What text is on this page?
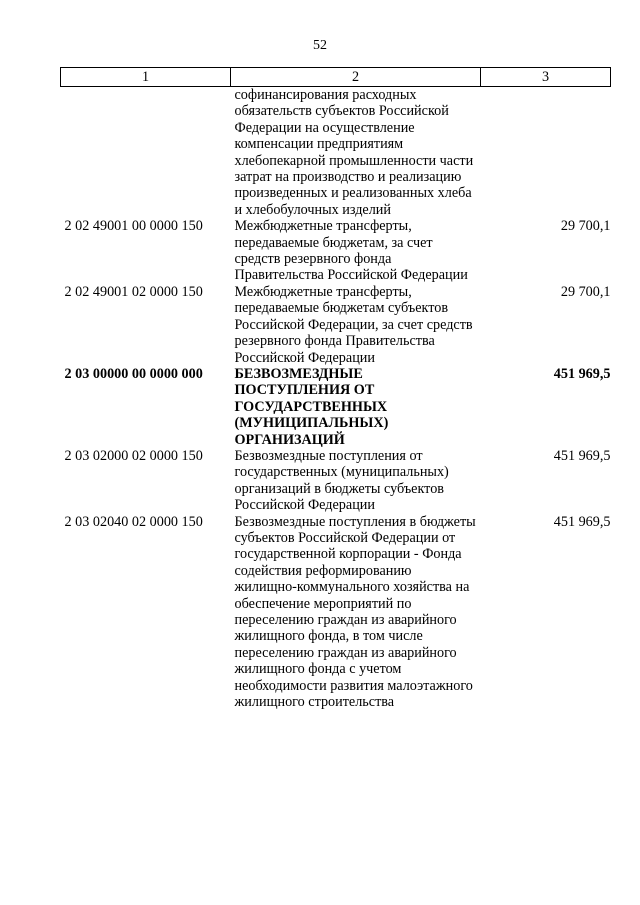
52
1	2	3
	софинансирования расходных обязательств субъектов Российской Федерации на осуществление компенсации предприятиям хлебопекарной промышленности части затрат на производство и реализацию произведенных и реализованных хлеба и хлебобулочных изделий	
2 02 49001 00 0000 150	Межбюджетные трансферты, передаваемые бюджетам, за счет средств резервного фонда Правительства Российской Федерации	29 700,1
2 02 49001 02 0000 150	Межбюджетные трансферты, передаваемые бюджетам субъектов Российской Федерации, за счет средств резервного фонда Правительства Российской Федерации	29 700,1
2 03 00000 00 0000 000	БЕЗВОЗМЕЗДНЫЕ ПОСТУПЛЕНИЯ ОТ ГОСУДАРСТВЕННЫХ (МУНИЦИПАЛЬНЫХ) ОРГАНИЗАЦИЙ	451 969,5
2 03 02000 02 0000 150	Безвозмездные поступления от государственных (муниципальных) организаций в бюджеты субъектов Российской Федерации	451 969,5
2 03 02040 02 0000 150	Безвозмездные поступления в бюджеты субъектов Российской Федерации от государственной корпорации - Фонда содействия реформированию жилищно-коммунального хозяйства на обеспечение мероприятий по переселению граждан из аварийного жилищного фонда, в том числе переселению граждан из аварийного жилищного фонда с учетом необходимости развития малоэтажного жилищного строительства	451 969,5
